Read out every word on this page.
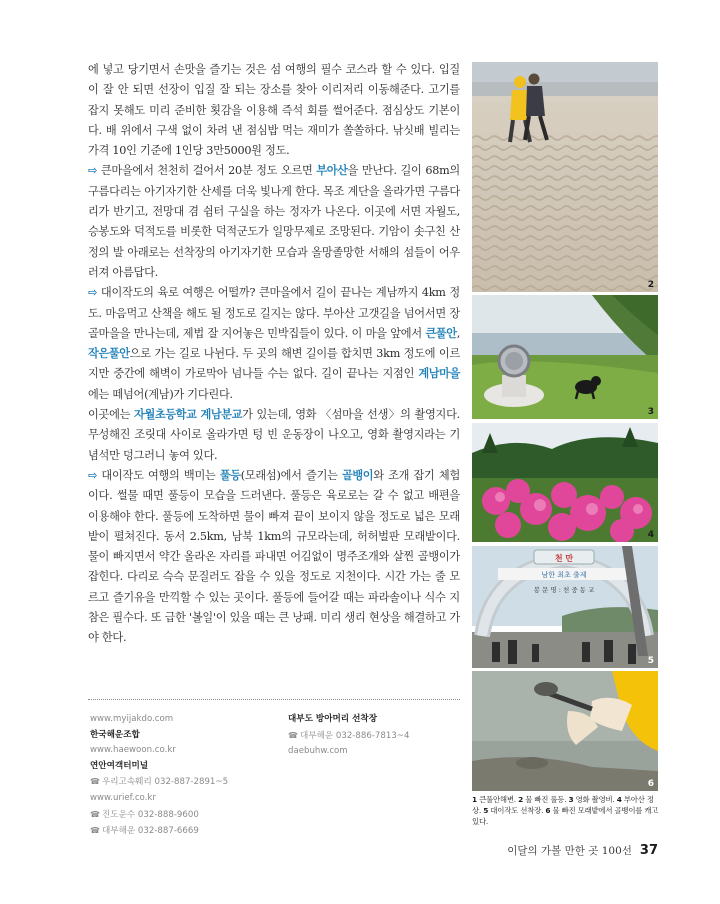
에 넣고 당기면서 손맛을 즐기는 것은 섬 여행의 필수 코스라 할 수 있다. 입질이 잘 안 되면 선장이 입질 잘 되는 장소를 찾아 이리저리 이동해준다. 고기를 잡지 못해도 미리 준비한 횟감을 이용해 즉석 회를 썰어준다. 점심상도 기본이다. 배 위에서 구색 없이 차려 낸 점심밥 먹는 재미가 쏠쏠하다. 낚싯배 빌리는 가격 10인 기준에 1인당 3만5000원 정도.

⇨ 큰마을에서 천천히 걸어서 20분 정도 오르면 부아산을 만난다. 길이 68m의 구름다리는 아기자기한 산세를 더욱 빛나게 한다. 목조 계단을 올라가면 구름다리가 반기고, 전망대 겸 쉼터 구실을 하는 정자가 나온다. 이곳에 서면 자월도, 승봉도와 덕적도를 비롯한 덕적군도가 일망무제로 조망된다. 기암이 솟구친 산정의 발 아래로는 선착장의 아기자기한 모습과 올망졸망한 서해의 섬들이 어우러져 아름답다.

⇨ 대이작도의 육로 여행은 어떨까? 큰마을에서 길이 끝나는 계남까지 4km 정도. 마음먹고 산책을 해도 될 정도로 길지는 않다. 부아산 고갯길을 넘어서면 장골마을을 만나는데, 제법 잘 지어놓은 민박집들이 있다. 이 마을 앞에서 큰풀안, 작은풀안으로 가는 길로 나뉜다. 두 곳의 해변 길이를 합치면 3km 정도에 이르지만 중간에 해벽이 가로막아 넘나들 수는 없다. 길이 끝나는 지점인 계남마을에는 떼넘어(계남)가 기다린다.

이곳에는 자월초등학교 계남분교가 있는데, 영화 〈섬마을 선생〉의 촬영지다. 무성해진 조릿대 사이로 올라가면 텅 빈 운동장이 나오고, 영화 촬영지라는 기념석만 덩그러니 놓여 있다.

⇨ 대이작도 여행의 백미는 풀등(모래섬)에서 즐기는 골뱅이와 조개 잡기 체험이다. 썰물 때면 풀등이 모습을 드러낸다. 풀등은 육로로는 갈 수 없고 배편을 이용해야 한다. 풀등에 도착하면 물이 빠져 끝이 보이지 않을 정도로 넓은 모래밭이 펼쳐진다. 동서 2.5km, 남북 1km의 규모라는데, 허허벌판 모래밭이다. 물이 빠지면서 약간 올라온 자리를 파내면 어김없이 명주조개와 살찐 골뱅이가 잡힌다. 다리로 슥슥 문질러도 잡을 수 있을 정도로 지천이다. 시간 가는 줄 모르고 즐기유을 만끽할 수 있는 곳이다. 풀등에 들어갈 때는 파라솔이나 식수 지참은 필수다. 또 급한 '볼일'이 있을 때는 큰 낭패. 미리 생리 현상을 해결하고 가야 한다.

www.myijakdo.com
한국해운조합
www.haewoon.co.kr
연안여객터미널
☎ 우리고속훼리 032-887-2891~5
www.urief.co.kr
☎ 진도운수 032-888-9600
☎ 대부해운 032-887-6669
대부도 방아머리 선착장
☎ 대부해운 032-886-7813~4
daebuhw.com
2
3
4
천 만
남한 최초 출제
봉 문 명 : 천 중 동 교
5
6
1 큰풀안해변. 2 물 빠진 풀등. 3 영화 촬영비. 4 부아산 정상. 5 대이작도 선착장. 6 물 빠진 모래밭에서 골뱅이를 캐고 있다.
이달의 가볼 만한 곳 100선 37
